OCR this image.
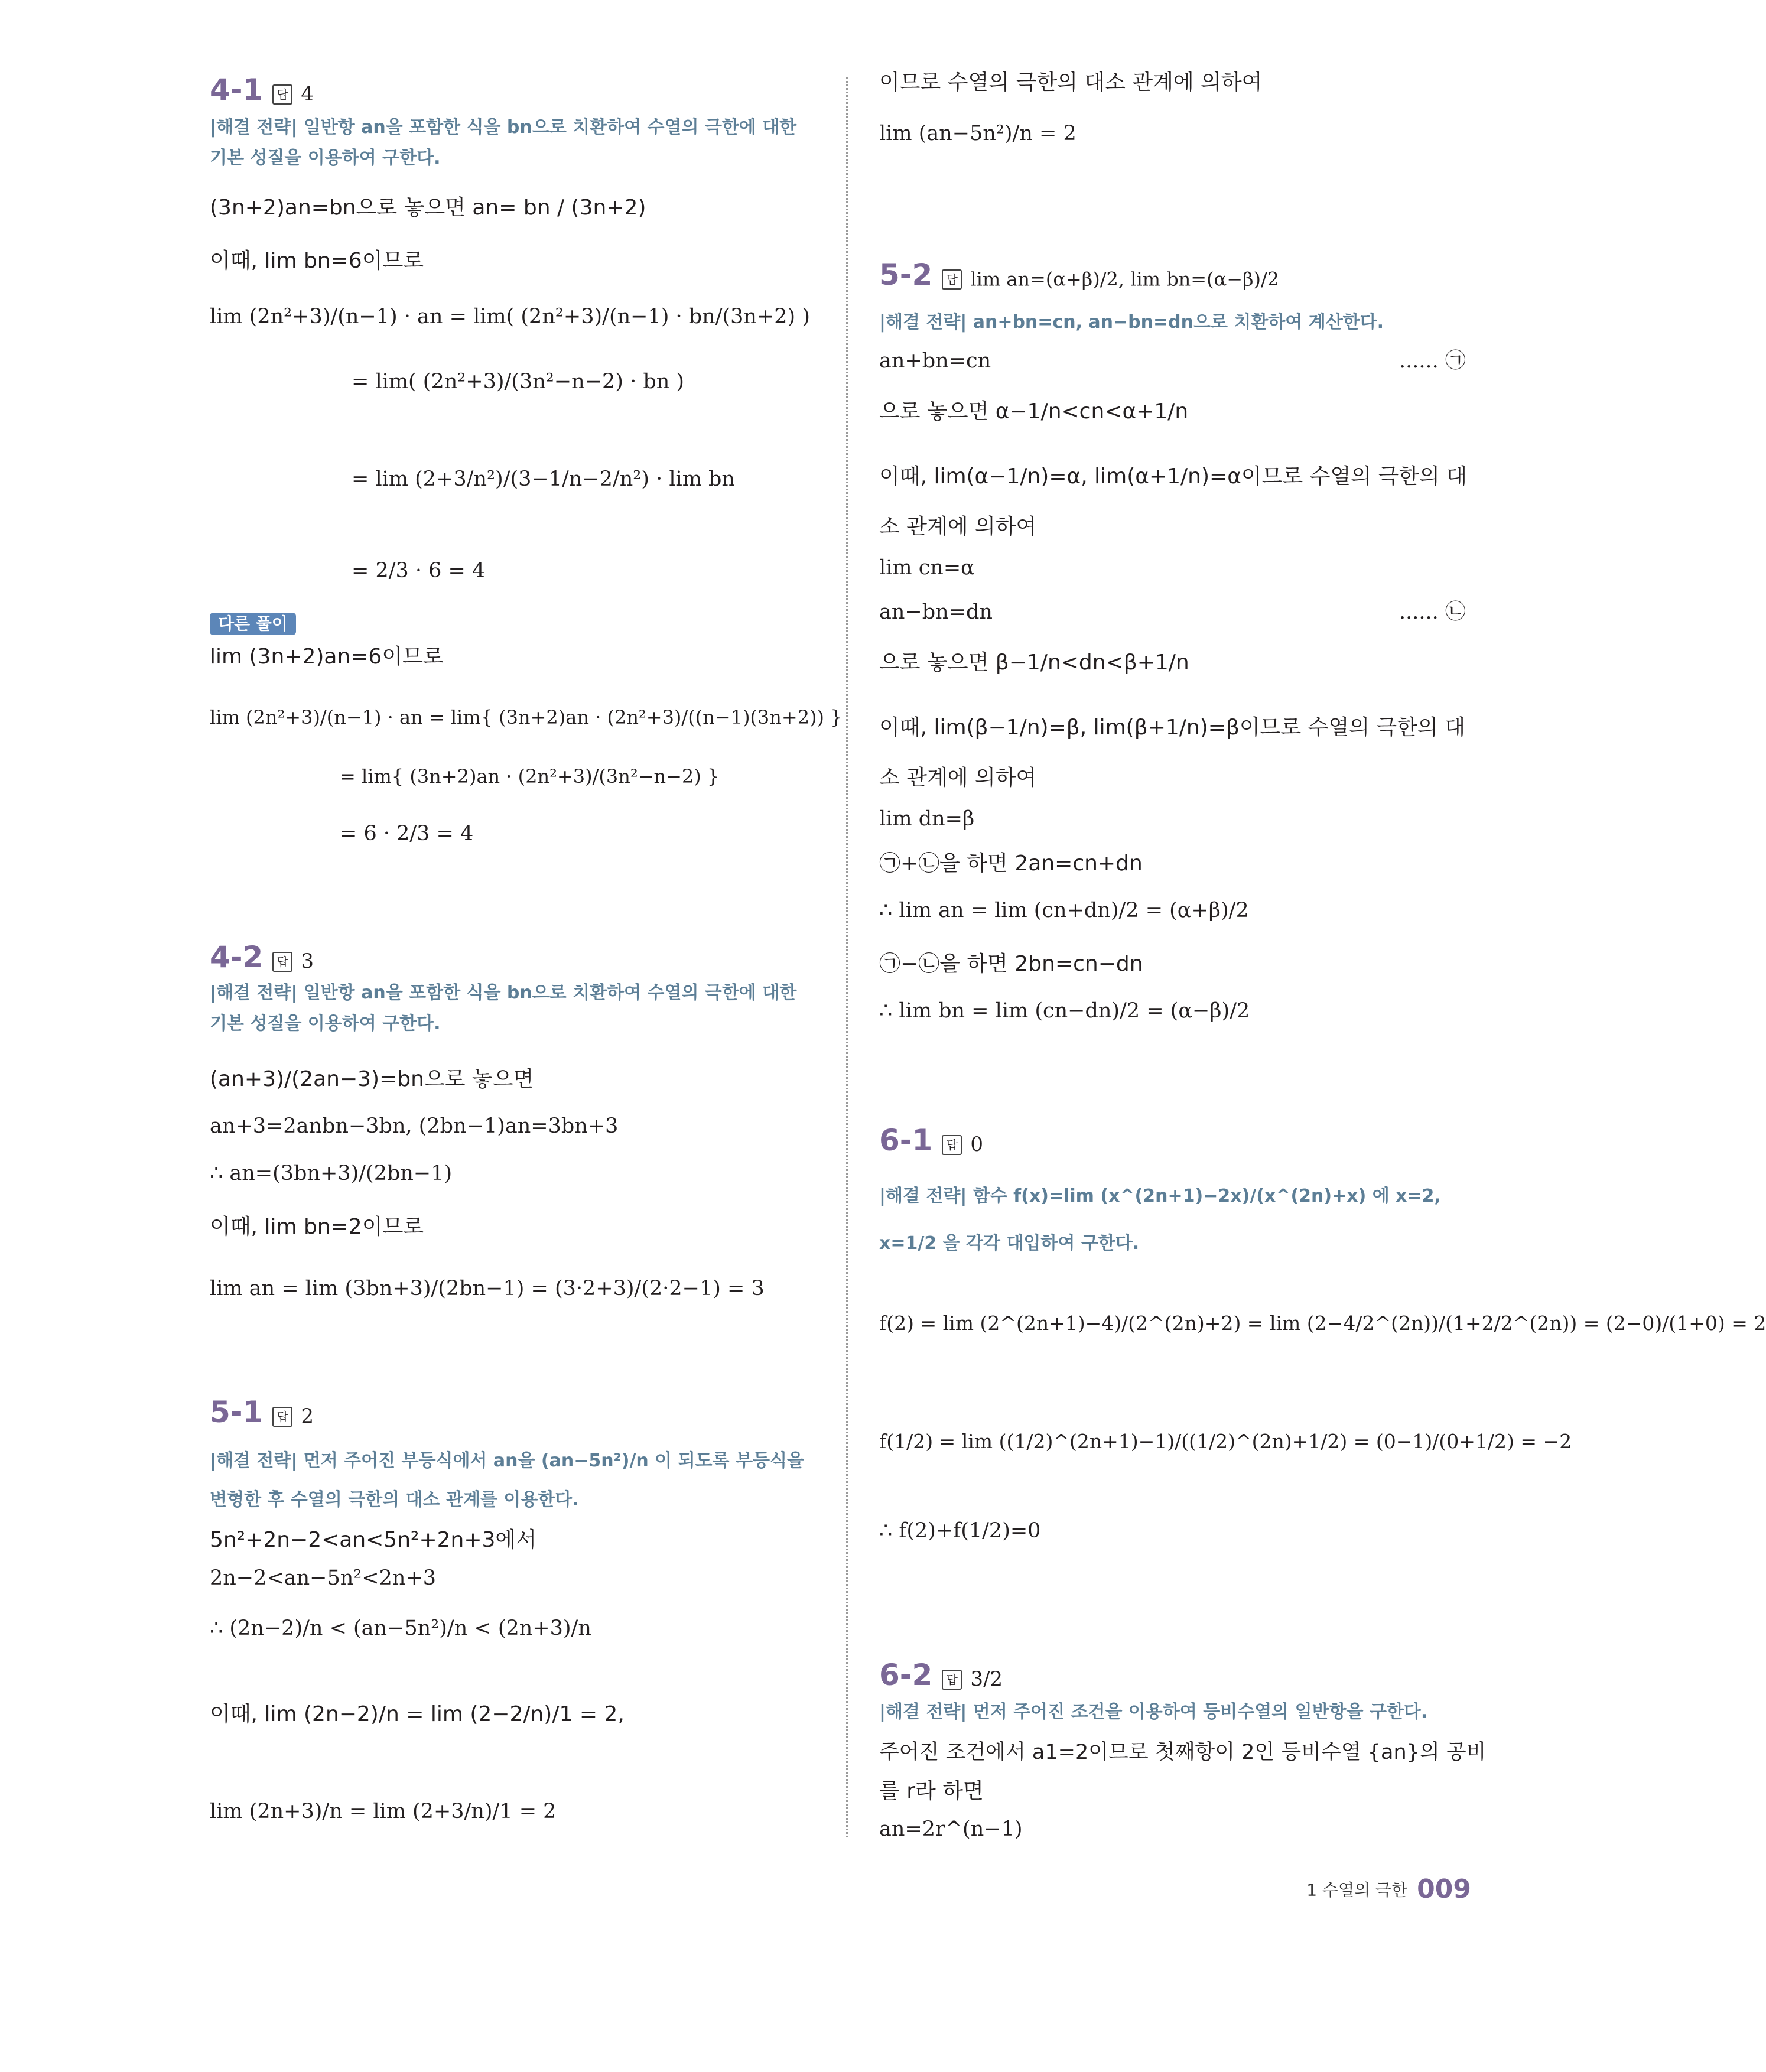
4-1 답 4
|해결 전략| 일반항 an을 포함한 식을 bn으로 치환하여 수열의 극한에 대한 기본 성질을 이용하여 구한다.
(3n+2)an=bn으로 놓으면 an= bn / (3n+2)
이때, lim bn=6이므로
lim (2n²+3)/(n−1) · an = lim( (2n²+3)/(n−1) · bn/(3n+2) )
= lim( (2n²+3)/(3n²−n−2) · bn )
= lim (2+3/n²)/(3−1/n−2/n²) · lim bn
= 2/3 · 6 = 4
다른 풀이
lim (3n+2)an=6이므로
lim (2n²+3)/(n−1) · an = lim{ (3n+2)an · (2n²+3)/((n−1)(3n+2)) }
= lim{ (3n+2)an · (2n²+3)/(3n²−n−2) }
= 6 · 2/3 = 4
4-2 답 3
|해결 전략| 일반항 an을 포함한 식을 bn으로 치환하여 수열의 극한에 대한 기본 성질을 이용하여 구한다.
(an+3)/(2an−3)=bn으로 놓으면
an+3=2anbn−3bn, (2bn−1)an=3bn+3
∴ an=(3bn+3)/(2bn−1)
이때, lim bn=2이므로
lim an = lim (3bn+3)/(2bn−1) = (3·2+3)/(2·2−1) = 3
5-1 답 2
|해결 전략| 먼저 주어진 부등식에서 an을 (an−5n²)/n 이 되도록 부등식을 변형한 후 수열의 극한의 대소 관계를 이용한다.
5n²+2n−2<an<5n²+2n+3에서
2n−2<an−5n²<2n+3
∴ (2n−2)/n < (an−5n²)/n < (2n+3)/n
이때, lim (2n−2)/n = lim (2−2/n)/1 = 2,
lim (2n+3)/n = lim (2+3/n)/1 = 2
이므로 수열의 극한의 대소 관계에 의하여
lim (an−5n²)/n = 2
5-2 답 lim an=(α+β)/2, lim bn=(α−β)/2
|해결 전략| an+bn=cn, an−bn=dn으로 치환하여 계산한다.
an+bn=cn	...... ㉠
으로 놓으면 α−1/n<cn<α+1/n
이때, lim(α−1/n)=α, lim(α+1/n)=α이므로 수열의 극한의 대
소 관계에 의하여
lim cn=α
an−bn=dn	...... ㉡
으로 놓으면 β−1/n<dn<β+1/n
이때, lim(β−1/n)=β, lim(β+1/n)=β이므로 수열의 극한의 대
소 관계에 의하여
lim dn=β
㉠+㉡을 하면 2an=cn+dn
∴ lim an = lim (cn+dn)/2 = (α+β)/2
㉠−㉡을 하면 2bn=cn−dn
∴ lim bn = lim (cn−dn)/2 = (α−β)/2
6-1 답 0
|해결 전략| 함수 f(x)=lim (x^(2n+1)−2x)/(x^(2n)+x) 에 x=2, x=1/2 을 각각 대입하여 구한다.
f(2) = lim (2^(2n+1)−4)/(2^(2n)+2) = lim (2−4/2^(2n))/(1+2/2^(2n)) = (2−0)/(1+0) = 2
f(1/2) = lim ((1/2)^(2n+1)−1)/((1/2)^(2n)+1/2) = (0−1)/(0+1/2) = −2
∴ f(2)+f(1/2)=0
6-2 답 3/2
|해결 전략| 먼저 주어진 조건을 이용하여 등비수열의 일반항을 구한다.
주어진 조건에서 a1=2이므로 첫째항이 2인 등비수열 {an}의 공비
를 r라 하면
an=2r^(n−1)
1 수열의 극한 009
